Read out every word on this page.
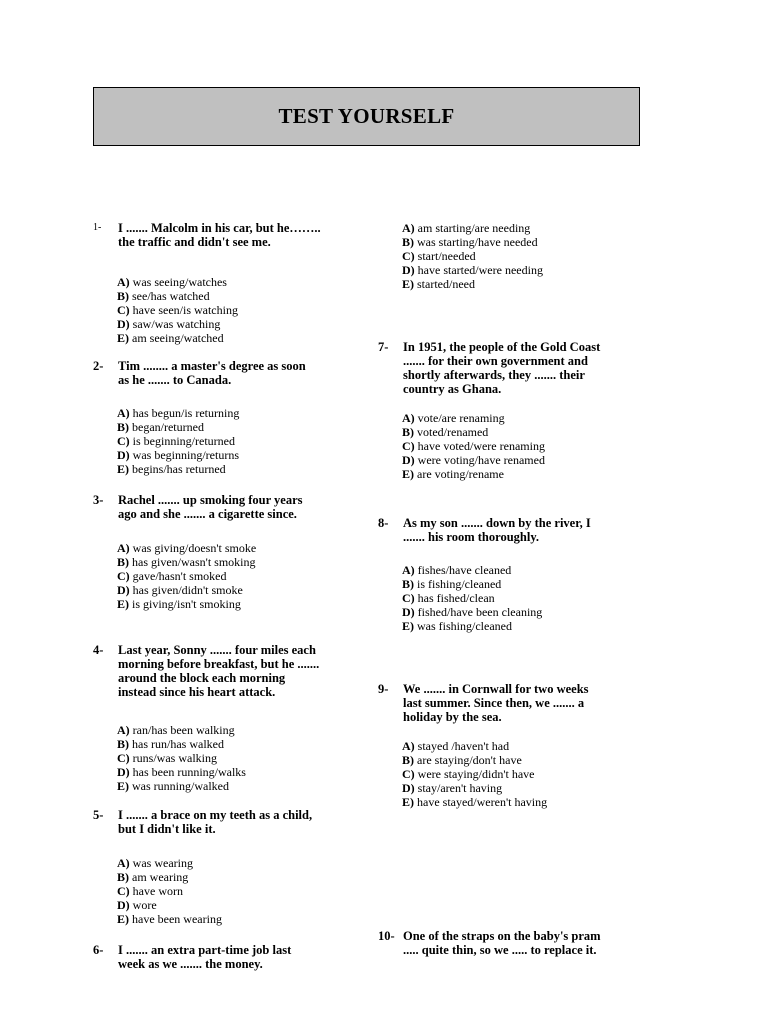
TEST YOURSELF
1-	I ....... Malcolm in his car, but he……..
the traffic and didn't see me.
A) was seeing/watches
B) see/has watched
C) have seen/is watching
D) saw/was watching
E) am seeing/watched
2-	Tim ........ a master's degree as soon
as he ....... to Canada.
A) has begun/is returning
B) began/returned
C) is beginning/returned
D) was beginning/returns
E) begins/has returned
3-	Rachel ....... up smoking four years
ago and she ....... a cigarette since.
A) was giving/doesn't smoke
B) has given/wasn't smoking
C) gave/hasn't smoked
D) has given/didn't smoke
E) is giving/isn't smoking
4-	Last year, Sonny ....... four miles each
morning before breakfast, but he .......
around the block each morning
instead since his heart attack.
A) ran/has been walking
B) has run/has walked
C) runs/was walking
D) has been running/walks
E) was running/walked
5-	I ....... a brace on my teeth as a child,
but I didn't like it.
A) was wearing
B) am wearing
C) have worn
D) wore
E) have been wearing
6-	I ....... an extra part-time job last
week as we ....... the money.
A) am starting/are needing
B) was starting/have needed
C) start/needed
D) have started/were needing
E) started/need
7-	In 1951, the people of the Gold Coast
....... for their own government and
shortly afterwards, they ....... their
country as Ghana.
A) vote/are renaming
B) voted/renamed
C) have voted/were renaming
D) were voting/have renamed
E) are voting/rename
8-	As my son ....... down by the river, I
....... his room thoroughly.
A) fishes/have cleaned
B) is fishing/cleaned
C) has fished/clean
D) fished/have been cleaning
E) was fishing/cleaned
9-	We ....... in Cornwall for two weeks
last summer. Since then, we ....... a
holiday by the sea.
A) stayed /haven't had
B) are staying/don't have
C) were staying/didn't have
D) stay/aren't having
E) have stayed/weren't having
10- One of the straps on the baby's pram
..... quite thin, so we ..... to replace it.
